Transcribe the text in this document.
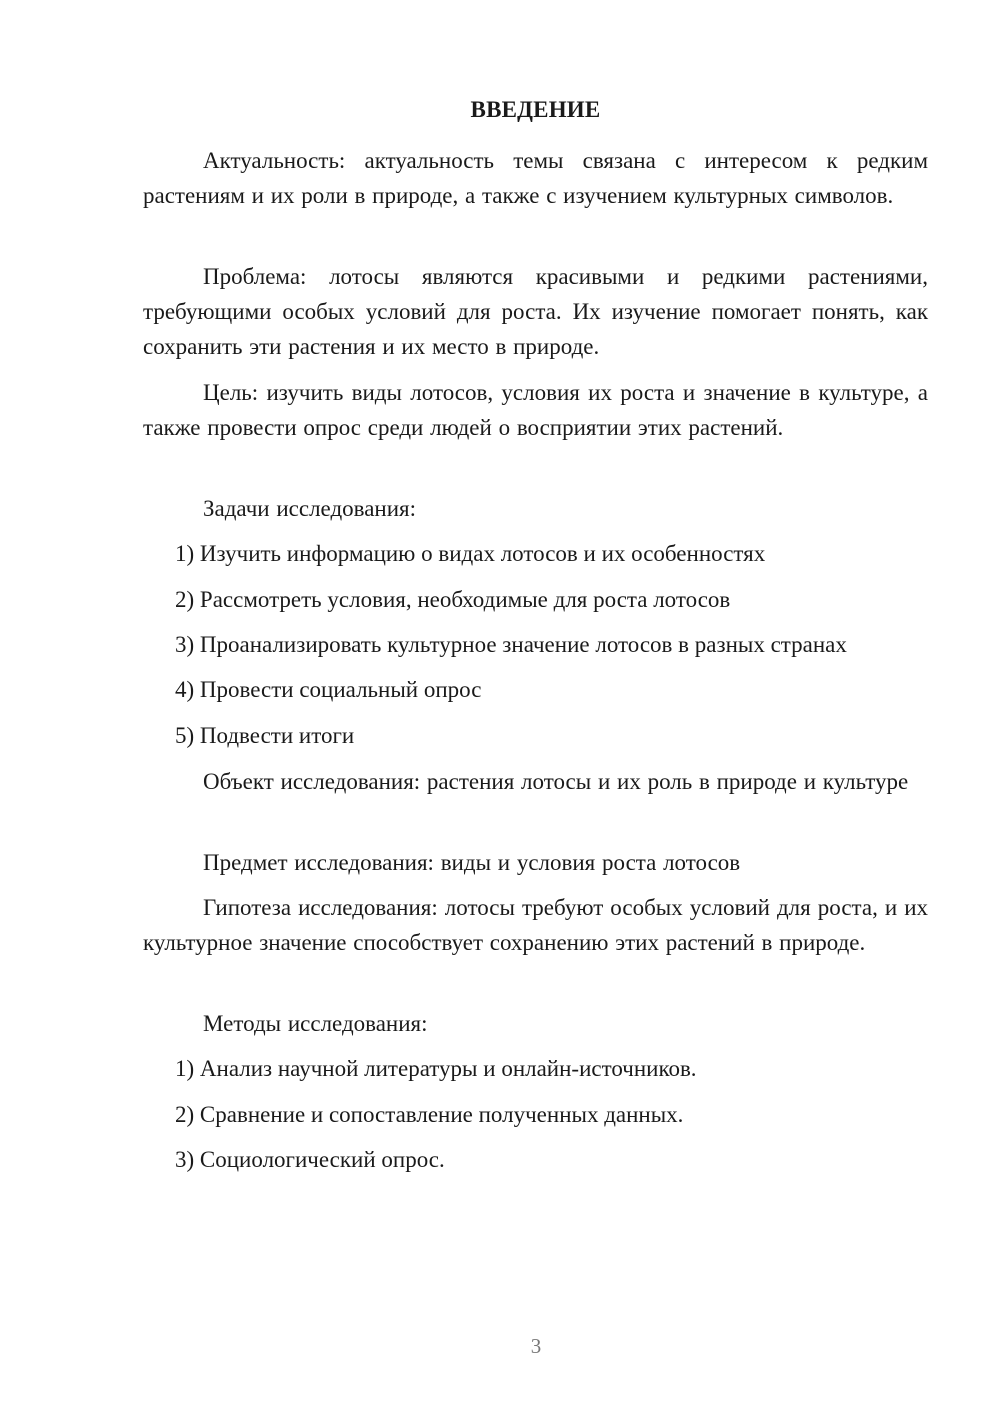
ВВЕДЕНИЕ
Актуальность: актуальность темы связана с интересом к редким растениям и их роли в природе, а также с изучением культурных символов.
Проблема: лотосы являются красивыми и редкими растениями, требующими особых условий для роста. Их изучение помогает понять, как сохранить эти растения и их место в природе.
Цель: изучить виды лотосов, условия их роста и значение в культуре, а также провести опрос среди людей о восприятии этих растений.
Задачи исследования:
1) Изучить информацию о видах лотосов и их особенностях
2) Рассмотреть условия, необходимые для роста лотосов
3) Проанализировать культурное значение лотосов в разных странах
4) Провести социальный опрос
5) Подвести итоги
Объект исследования: растения лотосы и их роль в природе и культуре
Предмет исследования: виды и условия роста лотосов
Гипотеза исследования: лотосы требуют особых условий для роста, и их культурное значение способствует сохранению этих растений в природе.
Методы исследования:
1) Анализ научной литературы и онлайн-источников.
2) Сравнение и сопоставление полученных данных.
3) Социологический опрос.
3
